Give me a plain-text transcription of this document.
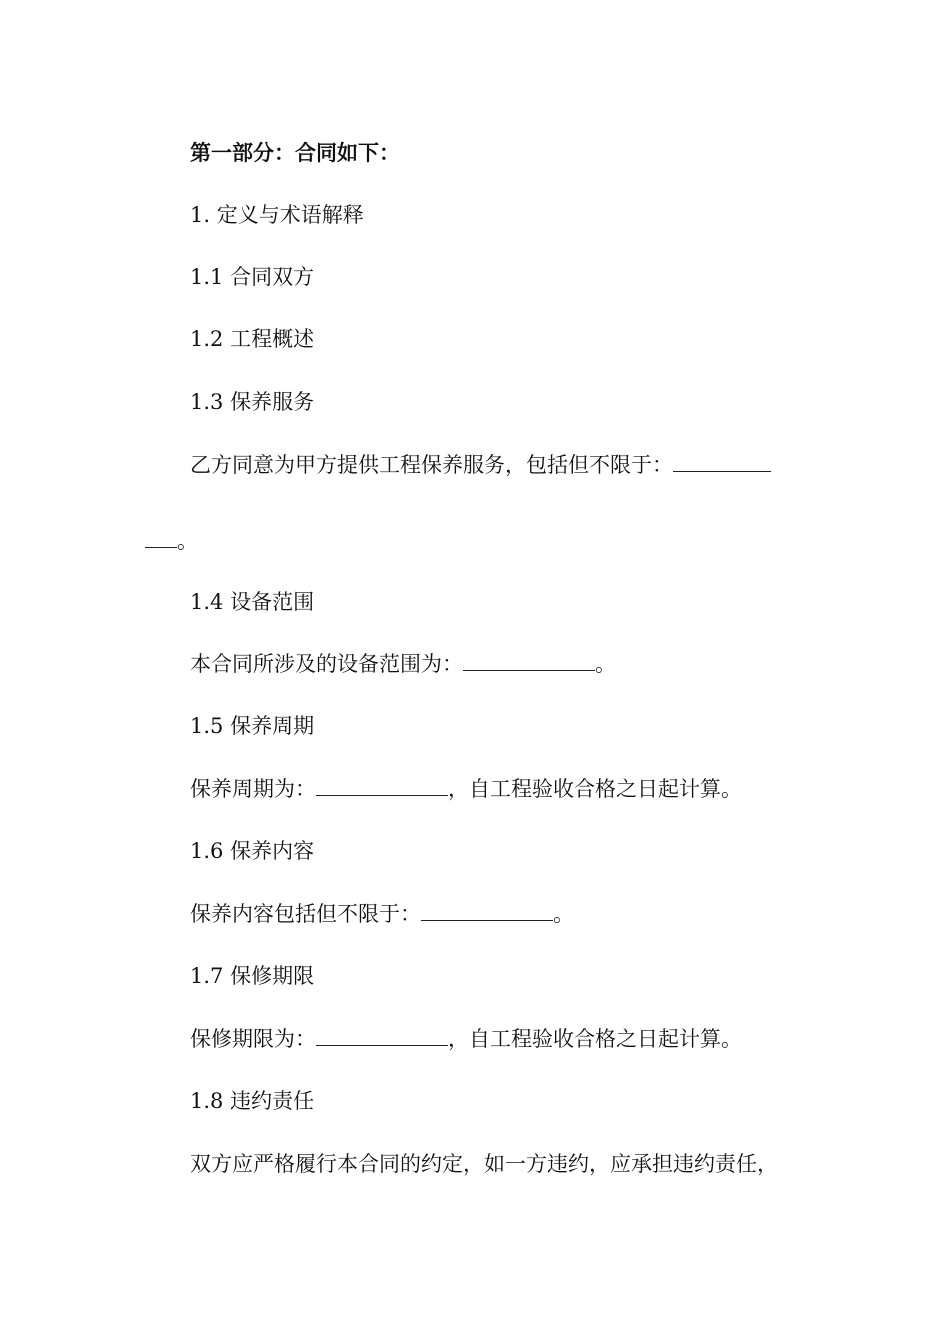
第一部分：合同如下：
1. 定义与术语解释
1.1 合同双方
1.2 工程概述
1.3 保养服务
乙方同意为甲方提供工程保养服务，包括但不限于：
。
1.4 设备范围
本合同所涉及的设备范围为：	。
1.5 保养周期
保养周期为：	，自工程验收合格之日起计算。
1.6 保养内容
保养内容包括但不限于：	。
1.7 保修期限
保修期限为：	，自工程验收合格之日起计算。
1.8 违约责任
双方应严格履行本合同的约定，如一方违约，应承担违约责任，
